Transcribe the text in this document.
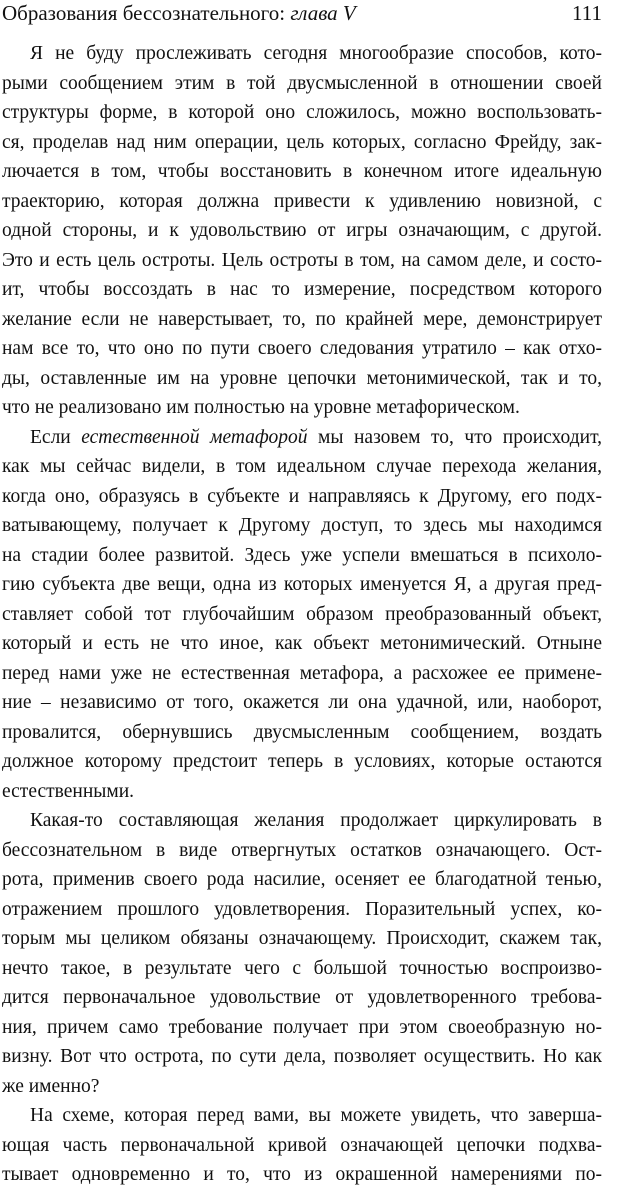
Образования бессознательного: глава V	111
Я не буду прослеживать сегодня многообразие способов, кото-
рыми сообщением этим в той двусмысленной в отношении своей
структуры форме, в которой оно сложилось, можно воспользовать-
ся, проделав над ним операции, цель которых, согласно Фрейду, зак-
лючается в том, чтобы восстановить в конечном итоге идеальную
траекторию, которая должна привести к удивлению новизной, с
одной стороны, и к удовольствию от игры означающим, с другой.
Это и есть цель остроты. Цель остроты в том, на самом деле, и состо-
ит, чтобы воссоздать в нас то измерение, посредством которого
желание если не наверстывает, то, по крайней мере, демонстрирует
нам все то, что оно по пути своего следования утратило – как отхо-
ды, оставленные им на уровне цепочки метонимической, так и то,
что не реализовано им полностью на уровне метафорическом.
Если естественной метафорой мы назовем то, что происходит,
как мы сейчас видели, в том идеальном случае перехода желания,
когда оно, образуясь в субъекте и направляясь к Другому, его подх-
ватывающему, получает к Другому доступ, то здесь мы находимся
на стадии более развитой. Здесь уже успели вмешаться в психоло-
гию субъекта две вещи, одна из которых именуется Я, а другая пред-
ставляет собой тот глубочайшим образом преобразованный объект,
который и есть не что иное, как объект метонимический. Отныне
перед нами уже не естественная метафора, а расхожее ее примене-
ние – независимо от того, окажется ли она удачной, или, наоборот,
провалится, обернувшись двусмысленным сообщением, воздать
должное которому предстоит теперь в условиях, которые остаются
естественными.
Какая-то составляющая желания продолжает циркулировать в
бессознательном в виде отвергнутых остатков означающего. Ост-
рота, применив своего рода насилие, осеняет ее благодатной тенью,
отражением прошлого удовлетворения. Поразительный успех, ко-
торым мы целиком обязаны означающему. Происходит, скажем так,
нечто такое, в результате чего с большой точностью воспроизво-
дится первоначальное удовольствие от удовлетворенного требова-
ния, причем само требование получает при этом своеобразную но-
визну. Вот что острота, по сути дела, позволяет осуществить. Но как
же именно?
На схеме, которая перед вами, вы можете увидеть, что заверша-
ющая часть первоначальной кривой означающей цепочки подхва-
тывает одновременно и то, что из окрашенной намерениями по-
